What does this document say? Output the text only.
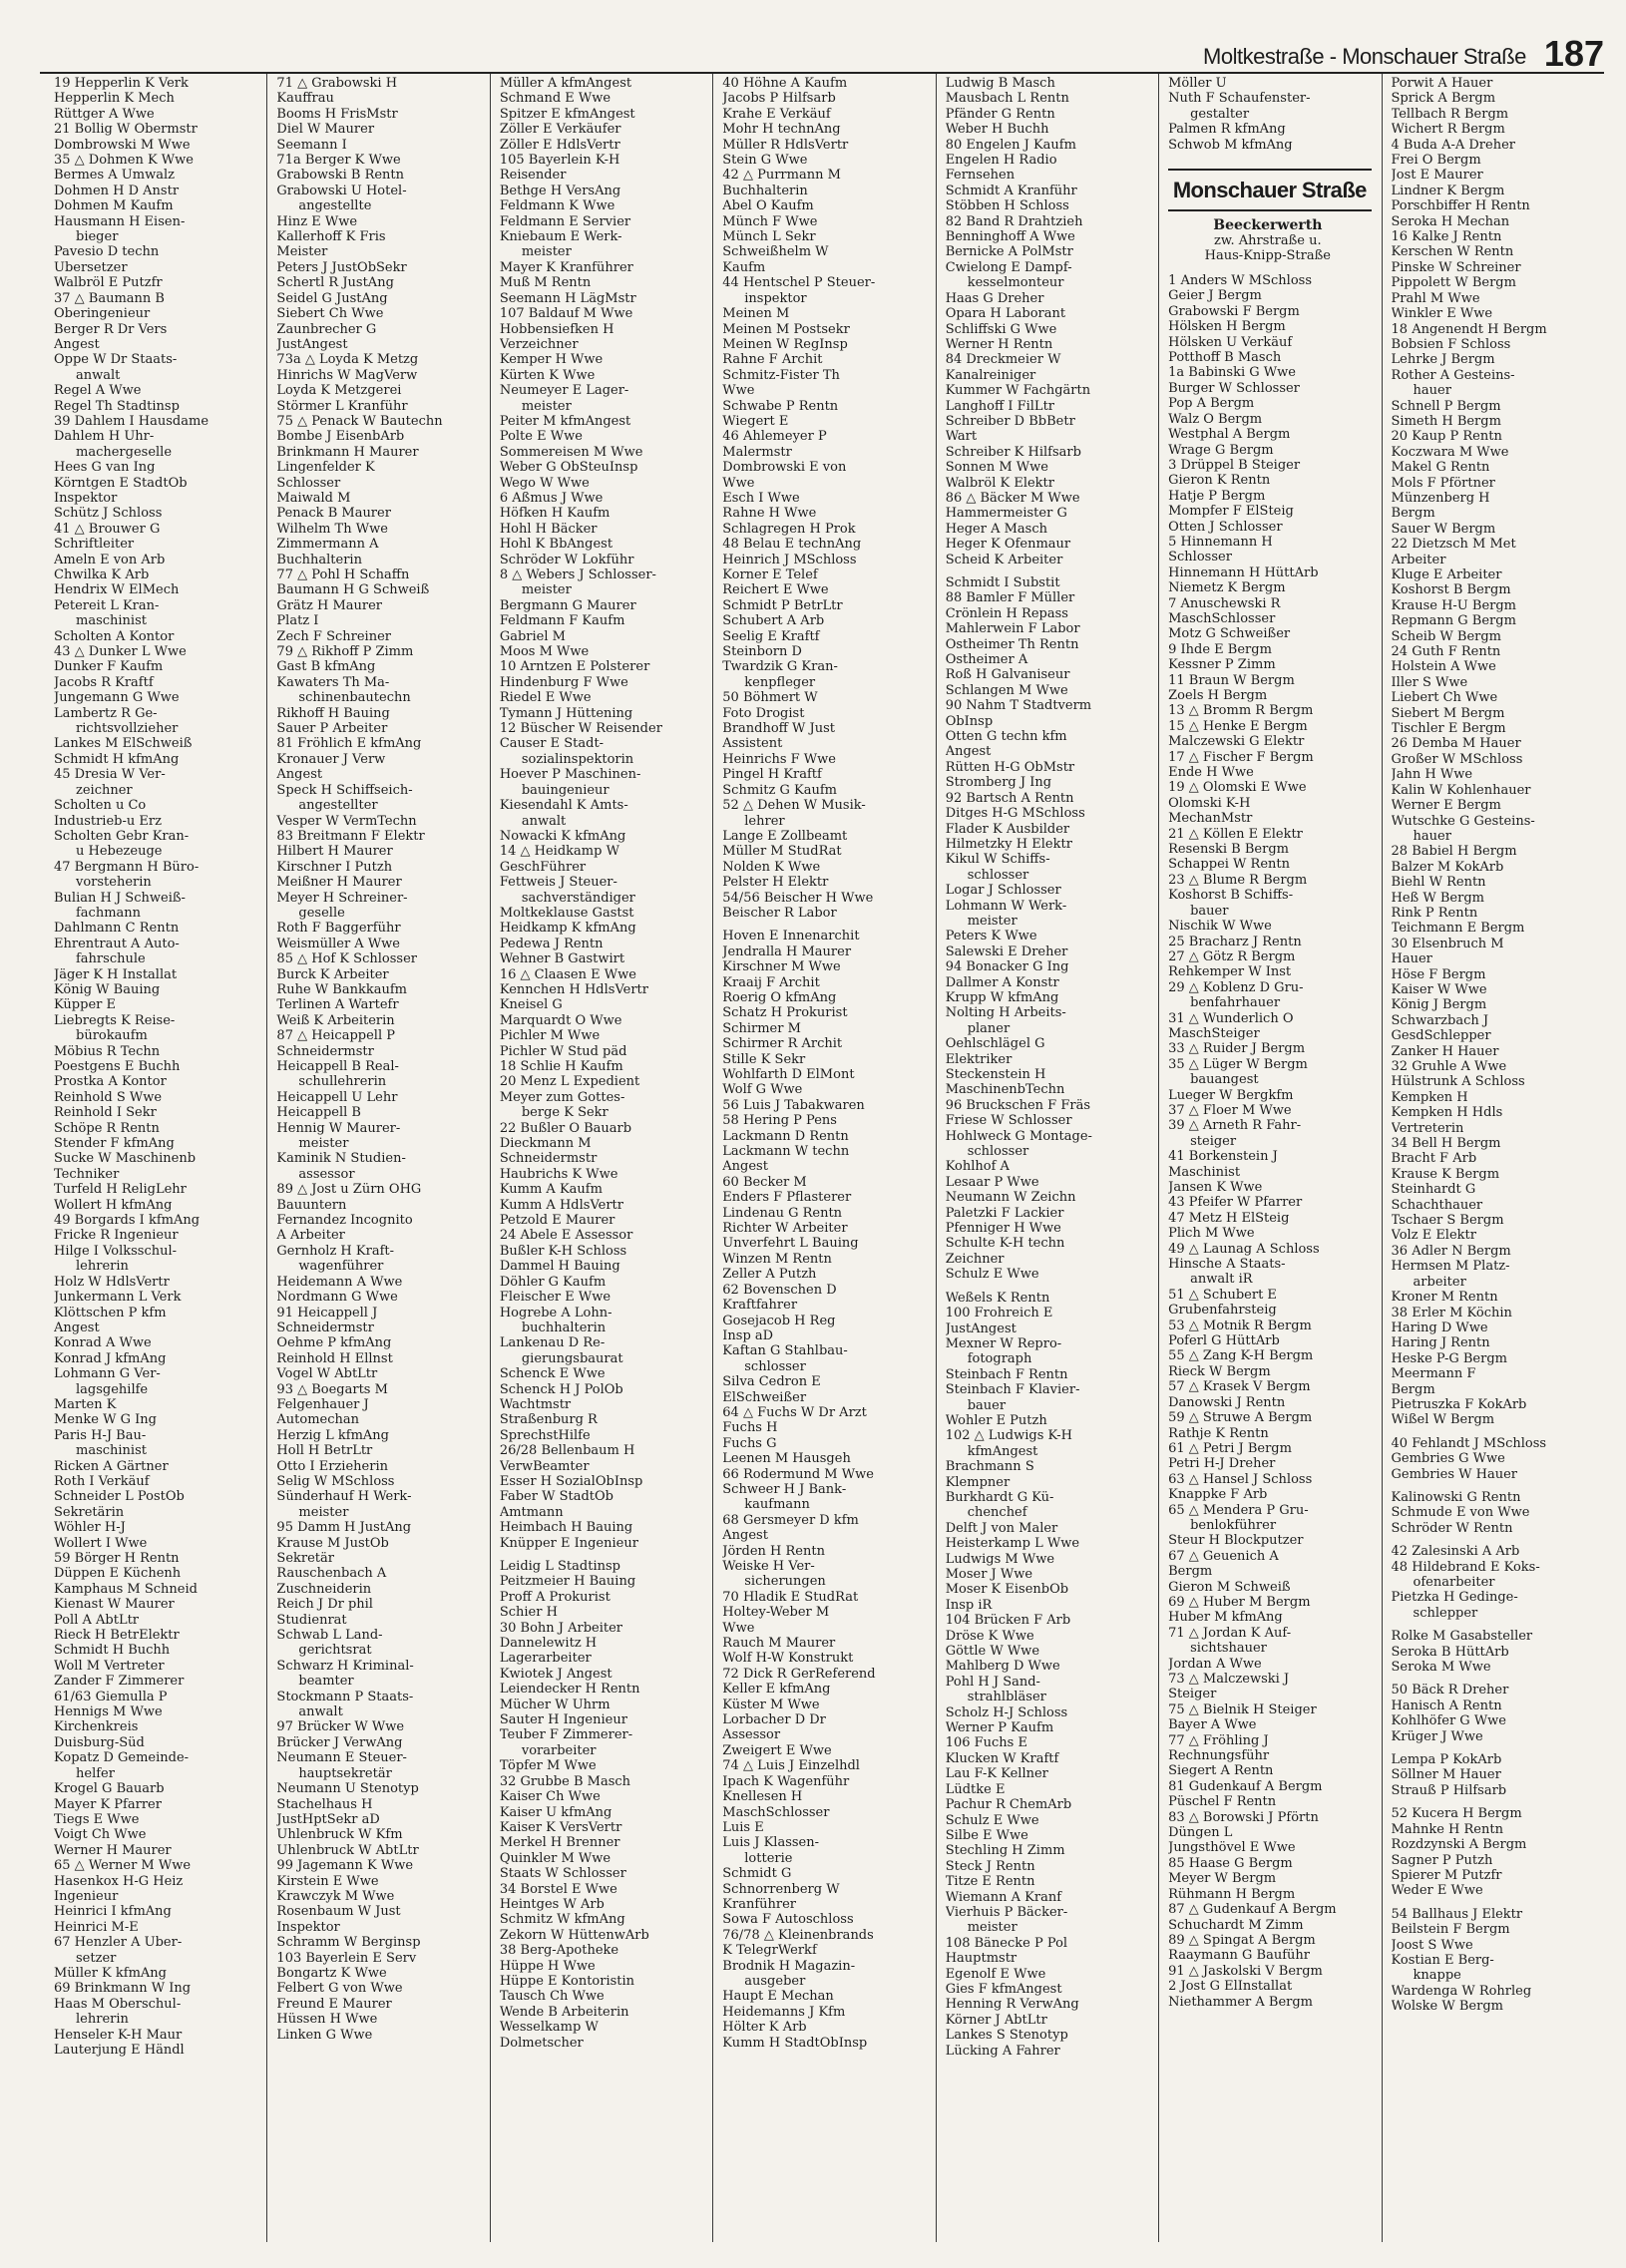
Moltkestraße - Monschauer Straße 187
19 Hepperlin K Verk
Hepperlin K Mech
Rüttger A Wwe
21 Bollig W Obermstr
Dombrowski M Wwe
35 △ Dohmen K Wwe
Bermes A Umwalz
Dohmen H D Anstr
Dohmen M Kaufm
Hausmann H Eisen-
bieger
Pavesio D techn
Übersetzer
Walbröl E Putzfr
37 △ Baumann B
Oberingenieur
Berger R Dr Vers
Angest
Oppe W Dr Staats-
anwalt
Regel A Wwe
Regel Th Stadtinsp
39 Dahlem I Hausdame
Dahlem H Uhr-
machergeselle
Hees G van Ing
Körntgen E StadtOb
Inspektor
Schütz J Schloss
41 △ Brouwer G
Schriftleiter
Ameln E von Arb
Chwilka K Arb
Hendrix W ElMech
Petereit L Kran-
maschinist
Scholten A Kontor
43 △ Dunker L Wwe
Dunker F Kaufm
Jacobs R Kraftf
Jungemann G Wwe
Lambertz R Ge-
richtsvollzieher
Lankes M ElSchweiß
Schmidt H kfmAng
45 Dresia W Ver-
zeichner
Scholten u Co
Industrieb-u Erz
Scholten Gebr Kran-
u Hebezeuge
47 Bergmann H Büro-
vorsteherin
Bulian H J Schweiß-
fachmann
Dahlmann C Rentn
Ehrentraut A Auto-
fahrschule
Jäger K H Installat
König W Bauing
Küpper E
Liebregts K Reise-
bürokaufm
Möbius R Techn
Poestgens E Buchh
Prostka A Kontor
Reinhold S Wwe
Reinhold I Sekr
Schöpe R Rentn
Stender F kfmAng
Sucke W Maschinenb
Techniker
Turfeld H ReligLehr
Wollert H kfmAng
49 Borgards I kfmAng
Fricke R Ingenieur
Hilge I Volksschul-
lehrerin
Holz W HdlsVertr
Junkermann L Verk
Klöttschen P kfm
Angest
Konrad A Wwe
Konrad J kfmAng
Lohmann G Ver-
lagsgehilfe
Marten K
Menke W G Ing
Paris H-J Bau-
maschinist
Ricken A Gärtner
Roth I Verkäuf
Schneider L PostOb
Sekretärin
Wöhler H-J
Wollert I Wwe
59 Börger H Rentn
Düppen E Küchenh
Kamphaus M Schneid
Kienast W Maurer
Poll A AbtLtr
Rieck H BetrElektr
Schmidt H Buchh
Woll M Vertreter
Zander F Zimmerer
61/63 Giemulla P
Hennigs M Wwe
Kirchenkreis
Duisburg-Süd
Kopatz D Gemeinde-
helfer
Krogel G Bauarb
Mayer K Pfarrer
Tiegs E Wwe
Voigt Ch Wwe
Werner H Maurer
65 △ Werner M Wwe
Hasenkox H-G Heiz
Ingenieur
Heinrici I kfmAng
Heinrici M-E
67 Henzler A Über-
setzer
Müller K kfmAng
69 Brinkmann W Ing
Haas M Oberschul-
lehrerin
Henseler K-H Maur
Lauterjung E Händl
71 △ Grabowski H
Kauffrau
Booms H FrisMstr
Diel W Maurer
Seemann I
71a Berger K Wwe
Grabowski B Rentn
Grabowski U Hotel-
angestellte
Hinz E Wwe
Kallerhoff K Fris
Meister
Peters J JustObSekr
Schertl R JustAng
Seidel G JustAng
Siebert Ch Wwe
Zaunbrecher G
JustAngest
73a △ Loyda K Metzg
Hinrichs W MagVerw
Loyda K Metzgerei
Störmer L Kranführ
75 △ Penack W Bautechn
Bombe J EisenbArb
Brinkmann H Maurer
Lingenfelder K
Schlosser
Maiwald M
Penack B Maurer
Wilhelm Th Wwe
Zimmermann A
Buchhalterin
77 △ Pohl H Schaffn
Baumann H G Schweiß
Grätz H Maurer
Platz I
Zech F Schreiner
79 △ Rikhoff P Zimm
Gast B kfmAng
Kawaters Th Ma-
schinenbautechn
Rikhoff H Bauing
Sauer P Arbeiter
81 Fröhlich E kfmAng
Kronauer J Verw
Angest
Speck H Schiffseich-
angestellter
Vesper W VermTechn
83 Breitmann F Elektr
Hilbert H Maurer
Kirschner I Putzh
Meißner H Maurer
Meyer H Schreiner-
geselle
Roth F Baggerführ
Weismüller A Wwe
85 △ Hof K Schlosser
Burck K Arbeiter
Ruhe W Bankkaufm
Terlinen A Wartefr
Weiß K Arbeiterin
87 △ Heicappell P
Schneidermstr
Heicappell B Real-
schullehrerin
Heicappell U Lehr
Heicappell B
Hennig W Maurer-
meister
Kaminik N Studien-
assessor
89 △ Jost u Zürn OHG
Bauuntern
Fernandez Incognito
A Arbeiter
Gernholz H Kraft-
wagenführer
Heidemann A Wwe
Nordmann G Wwe
91 Heicappell J
Schneidermstr
Oehme P kfmAng
Reinhold H Ellnst
Vogel W AbtLtr
93 △ Boegarts M
Felgenhauer J
Automechan
Herzig L kfmAng
Holl H BetrLtr
Otto I Erzieherin
Selig W MSchloss
Sünderhauf H Werk-
meister
95 Damm H JustAng
Krause M JustOb
Sekretär
Rauschenbach A
Zuschneiderin
Reich J Dr phil
Studienrat
Schwab L Land-
gerichtsrat
Schwarz H Kriminal-
beamter
Stockmann P Staats-
anwalt
97 Brücker W Wwe
Brücker J VerwAng
Neumann E Steuer-
hauptsekretär
Neumann U Stenotyp
Stachelhaus H
JustHptSekr aD
Uhlenbruck W Kfm
Uhlenbruck W AbtLtr
99 Jagemann K Wwe
Kirstein E Wwe
Krawczyk M Wwe
Rosenbaum W Just
Inspektor
Schramm W Berginsp
103 Bayerlein E Serv
Bongartz K Wwe
Felbert G von Wwe
Freund E Maurer
Hüssen H Wwe
Linken G Wwe
Müller A kfmAngest
Schmand E Wwe
Spitzer E kfmAngest
Zöller E Verkäufer
Zöller E HdlsVertr
105 Bayerlein K-H
Reisender
Bethge H VersAng
Feldmann K Wwe
Feldmann E Servier
Kniebaum E Werk-
meister
Mayer K Kranführer
Muß M Rentn
Seemann H LägMstr
107 Baldauf M Wwe
Hobbensiefken H
Verzeichner
Kemper H Wwe
Kürten K Wwe
Neumeyer E Lager-
meister
Peiter M kfmAngest
Polte E Wwe
Sommereisen M Wwe
Weber G ObSteuInsp
Wego W Wwe
6 Aßmus J Wwe
Höfken H Kaufm
Hohl H Bäcker
Hohl K BbAngest
Schröder W Lokführ
8 △ Webers J Schlosser-
meister
Bergmann G Maurer
Feldmann F Kaufm
Gabriel M
Moos M Wwe
10 Arntzen E Polsterer
Hindenburg F Wwe
Riedel E Wwe
Tymann J Hüttening
12 Büscher W Reisender
Causer E Stadt-
sozialinspektorin
Hoever P Maschinen-
bauingenieur
Kiesendahl K Amts-
anwalt
Nowacki K kfmAng
14 △ Heidkamp W
GeschFührer
Fettweis J Steuer-
sachverständiger
Moltkeklause Gastst
Heidkamp K kfmAng
Pedewa J Rentn
Wehner B Gastwirt
16 △ Claasen E Wwe
Kennchen H HdlsVertr
Kneisel G
Marquardt O Wwe
Pichler M Wwe
Pichler W Stud päd
18 Schlie H Kaufm
20 Menz L Expedient
Meyer zum Gottes-
berge K Sekr
22 Bußler O Bauarb
Dieckmann M
Schneidermstr
Haubrichs K Wwe
Kumm A Kaufm
Kumm A HdlsVertr
Petzold E Maurer
24 Abele E Assessor
Bußler K-H Schloss
Dammel H Bauing
Döhler G Kaufm
Fleischer E Wwe
Hogrebe A Lohn-
buchhalterin
Lankenau D Re-
gierungsbaurat
Schenck E Wwe
Schenck H J PolOb
Wachtmstr
Straßenburg R
SprechstHilfe
26/28 Bellenbaum H
VerwBeamter
Esser H SozialObInsp
Faber W StadtOb
Amtmann
Heimbach H Bauing
Knüpper E Ingenieur
Leidig L Stadtinsp
Peitzmeier H Bauing
Proff A Prokurist
Schier H
30 Bohn J Arbeiter
Dannelewitz H
Lagerarbeiter
Kwiotek J Angest
Leiendecker H Rentn
Mücher W Uhrm
Sauter H Ingenieur
Teuber F Zimmerer-
vorarbeiter
Töpfer M Wwe
32 Grubbe B Masch
Kaiser Ch Wwe
Kaiser U kfmAng
Kaiser K VersVertr
Merkel H Brenner
Quinkler M Wwe
Staats W Schlosser
34 Borstel E Wwe
Heintges W Arb
Schmitz W kfmAng
Zekorn W HüttenwArb
38 Berg-Apotheke
Hüppe H Wwe
Hüppe E Kontoristin
Tausch Ch Wwe
Wende B Arbeiterin
Wesselkamp W
Dolmetscher
40 Höhne A Kaufm
Jacobs P Hilfsarb
Krahe E Verkäuf
Mohr H technAng
Müller R HdlsVertr
Stein G Wwe
42 △ Purrmann M
Buchhalterin
Abel O Kaufm
Münch F Wwe
Münch L Sekr
Schweißhelm W
Kaufm
44 Hentschel P Steuer-
inspektor
Meinen M
Meinen M Postsekr
Meinen W RegInsp
Rahne F Archit
Schmitz-Fister Th
Wwe
Schwabe P Rentn
Wiegert E
46 Ahlemeyer P
Malermstr
Dombrowski E von
Wwe
Esch I Wwe
Rahne H Wwe
Schlagregen H Prok
48 Belau E technAng
Heinrich J MSchloss
Korner E Telef
Reichert E Wwe
Schmidt P BetrLtr
Schubert A Arb
Seelig E Kraftf
Steinborn D
Twardzik G Kran-
kenpfleger
50 Böhmert W
Foto Drogist
Brandhoff W Just
Assistent
Heinrichs F Wwe
Pingel H Kraftf
Schmitz G Kaufm
52 △ Dehen W Musik-
lehrer
Lange E Zollbeamt
Müller M StudRat
Nolden K Wwe
Pelster H Elektr
54/56 Beischer H Wwe
Beischer R Labor
Hoven E Innenarchit
Jendralla H Maurer
Kirschner M Wwe
Kraaij F Archit
Roerig O kfmAng
Schatz H Prokurist
Schirmer M
Schirmer R Archit
Stille K Sekr
Wohlfarth D ElMont
Wolf G Wwe
56 Luis J Tabakwaren
58 Hering P Pens
Lackmann D Rentn
Lackmann W techn
Angest
60 Becker M
Enders F Pflasterer
Lindenau G Rentn
Richter W Arbeiter
Unverfehrt L Bauing
Winzen M Rentn
Zeller A Putzh
62 Bovenschen D
Kraftfahrer
Gosejacob H Reg
Insp aD
Kaftan G Stahlbau-
schlosser
Silva Cedron E
ElSchweißer
64 △ Fuchs W Dr Arzt
Fuchs H
Fuchs G
Leenen M Hausgeh
66 Rodermund M Wwe
Schweer H J Bank-
kaufmann
68 Gersmeyer D kfm
Angest
Jörden H Rentn
Weiske H Ver-
sicherungen
70 Hladik E StudRat
Holtey-Weber M
Wwe
Rauch M Maurer
Wolf H-W Konstrukt
72 Dick R GerReferend
Keller E kfmAng
Küster M Wwe
Lorbacher D Dr
Assessor
Zweigert E Wwe
74 △ Luis J Einzelhdl
Ipach K Wagenführ
Knellesen H
MaschSchlosser
Luis E
Luis J Klassen-
lotterie
Schmidt G
Schnorrenberg W
Kranführer
Sowa F Autoschloss
76/78 △ Kleinenbrands
K TelegrWerkf
Brodnik H Magazin-
ausgeber
Haupt E Mechan
Heidemanns J Kfm
Hölter K Arb
Kumm H StadtObInsp
Ludwig B Masch
Mausbach L Rentn
Pfänder G Rentn
Weber H Buchh
80 Engelen J Kaufm
Engelen H Radio
Fernsehen
Schmidt A Kranführ
Stöbben H Schloss
82 Band R Drahtzieh
Benninghoff A Wwe
Bernicke A PolMstr
Cwielong E Dampf-
kesselmonteur
Haas G Dreher
Opara H Laborant
Schliffski G Wwe
Werner H Rentn
84 Dreckmeier W
Kanalreiniger
Kummer W Fachgärtn
Langhoff I FilLtr
Schreiber D BbBetr
Wart
Schreiber K Hilfsarb
Sonnen M Wwe
Walbröl K Elektr
86 △ Bäcker M Wwe
Hammermeister G
Heger A Masch
Heger K Ofenmaur
Scheid K Arbeiter
Schmidt I Substit
88 Bamler F Müller
Crönlein H Repass
Mahlerwein F Labor
Ostheimer Th Rentn
Ostheimer A
Roß H Galvaniseur
Schlangen M Wwe
90 Nahm T Stadtverm
ObInsp
Otten G techn kfm
Angest
Rütten H-G ObMstr
Stromberg J Ing
92 Bartsch A Rentn
Ditges H-G MSchloss
Flader K Ausbilder
Hilmetzky H Elektr
Kikul W Schiffs-
schlosser
Logar J Schlosser
Lohmann W Werk-
meister
Peters K Wwe
Salewski E Dreher
94 Bonacker G Ing
Dallmer A Konstr
Krupp W kfmAng
Nolting H Arbeits-
planer
Oehlschlägel G
Elektriker
Steckenstein H
MaschinenbTechn
96 Bruckschen F Fräs
Friese W Schlosser
Hohlweck G Montage-
schlosser
Kohlhof A
Lesaar P Wwe
Neumann W Zeichn
Paletzki F Lackier
Pfenniger H Wwe
Schulte K-H techn
Zeichner
Schulz E Wwe
Weßels K Rentn
100 Frohreich E
JustAngest
Mexner W Repro-
fotograph
Steinbach F Rentn
Steinbach F Klavier-
bauer
Wohler E Putzh
102 △ Ludwigs K-H
kfmAngest
Brachmann S
Klempner
Burkhardt G Kü-
chenchef
Delft J von Maler
Heisterkamp L Wwe
Ludwigs M Wwe
Moser J Wwe
Moser K EisenbOb
Insp iR
104 Brücken F Arb
Dröse K Wwe
Göttle W Wwe
Mahlberg D Wwe
Pohl H J Sand-
strahlbläser
Scholz H-J Schloss
Werner P Kaufm
106 Fuchs E
Klucken W Kraftf
Lau F-K Kellner
Lüdtke E
Pachur R ChemArb
Schulz E Wwe
Silbe E Wwe
Stechling H Zimm
Steck J Rentn
Titze E Rentn
Wiemann A Kranf
Vierhuis P Bäcker-
meister
108 Bänecke P Pol
Hauptmstr
Egenolf E Wwe
Gies F kfmAngest
Henning R VerwAng
Körner J AbtLtr
Lankes S Stenotyp
Lücking A Fahrer
Möller U
Nuth F Schaufenster-
gestalter
Palmen R kfmAng
Schwob M kfmAng
Monschauer Straße
Beeckerwerth
zw. Ahrstraße u.
Haus-Knipp-Straße
1 Anders W MSchloss
Geier J Bergm
Grabowski F Bergm
Hölsken H Bergm
Hölsken U Verkäuf
Potthoff B Masch
1a Babinski G Wwe
Burger W Schlosser
Pop A Bergm
Walz O Bergm
Westphal A Bergm
Wrage G Bergm
3 Drüppel B Steiger
Gieron K Rentn
Hatje P Bergm
Mompfer F ElSteig
Otten J Schlosser
5 Hinnemann H
Schlosser
Hinnemann H HüttArb
Niemetz K Bergm
7 Anuschewski R
MaschSchlosser
Motz G Schweißer
9 Ihde E Bergm
Kessner P Zimm
11 Braun W Bergm
Zoels H Bergm
13 △ Bromm R Bergm
15 △ Henke E Bergm
Malczewski G Elektr
17 △ Fischer F Bergm
Ende H Wwe
19 △ Olomski E Wwe
Olomski K-H
MechanMstr
21 △ Köllen E Elektr
Resenski B Bergm
Schappei W Rentn
23 △ Blume R Bergm
Koshorst B Schiffs-
bauer
Nischik W Wwe
25 Bracharz J Rentn
27 △ Götz R Bergm
Rehkemper W Inst
29 △ Koblenz D Gru-
benfahrhauer
31 △ Wunderlich O
MaschSteiger
33 △ Ruider J Bergm
35 △ Lüger W Bergm
bauangest
Lueger W Bergkfm
37 △ Floer M Wwe
39 △ Arneth R Fahr-
steiger
41 Borkenstein J
Maschinist
Jansen K Wwe
43 Pfeifer W Pfarrer
47 Metz H ElSteig
Plich M Wwe
49 △ Launag A Schloss
Hinsche A Staats-
anwalt iR
51 △ Schubert E
Grubenfahrsteig
53 △ Motnik R Bergm
Poferl G HüttArb
55 △ Zang K-H Bergm
Rieck W Bergm
57 △ Krasek V Bergm
Danowski J Rentn
59 △ Struwe A Bergm
Rathje K Rentn
61 △ Petri J Bergm
Petri H-J Dreher
63 △ Hansel J Schloss
Knappke F Arb
65 △ Mendera P Gru-
benlokführer
Steur H Blockputzer
67 △ Geuenich A
Bergm
Gieron M Schweiß
69 △ Huber M Bergm
Huber M kfmAng
71 △ Jordan K Auf-
sichtshauer
Jordan A Wwe
73 △ Malczewski J
Steiger
75 △ Bielnik H Steiger
Bayer A Wwe
77 △ Fröhling J
Rechnungsführ
Siegert A Rentn
81 Gudenkauf A Bergm
Püschel F Rentn
83 △ Borowski J Pförtn
Düngen L
Jungsthövel E Wwe
85 Haase G Bergm
Meyer W Bergm
Rühmann H Bergm
87 △ Gudenkauf A Bergm
Schuchardt M Zimm
89 △ Spingat A Bergm
Raaymann G Bauführ
91 △ Jaskolski V Bergm
2 Jost G ElInstallat
Niethammer A Bergm
Porwit A Hauer
Sprick A Bergm
Tellbach R Bergm
Wichert R Bergm
4 Buda A-A Dreher
Frei O Bergm
Jost E Maurer
Lindner K Bergm
Porschbiffer H Rentn
Seroka H Mechan
16 Kalke J Rentn
Kerschen W Rentn
Pinske W Schreiner
Pippolett W Bergm
Prahl M Wwe
Winkler E Wwe
18 Angenendt H Bergm
Bobsien F Schloss
Lehrke J Bergm
Rother A Gesteins-
hauer
Schnell P Bergm
Simeth H Bergm
20 Kaup P Rentn
Koczwara M Wwe
Makel G Rentn
Mols F Pförtner
Münzenberg H
Bergm
Sauer W Bergm
22 Dietzsch M Met
Arbeiter
Kluge E Arbeiter
Koshorst B Bergm
Krause H-U Bergm
Repmann G Bergm
Scheib W Bergm
24 Guth F Rentn
Holstein A Wwe
Iller S Wwe
Liebert Ch Wwe
Siebert M Bergm
Tischler E Bergm
26 Demba M Hauer
Großer W MSchloss
Jahn H Wwe
Kalin W Kohlenhauer
Werner E Bergm
Wutschke G Gesteins-
hauer
28 Babiel H Bergm
Balzer M KokArb
Biehl W Rentn
Heß W Bergm
Rink P Rentn
Teichmann E Bergm
30 Elsenbruch M
Hauer
Höse F Bergm
Kaiser W Wwe
König J Bergm
Schwarzbach J
GesdSchlepper
Zanker H Hauer
32 Gruhle A Wwe
Hülstrunk A Schloss
Kempken H
Kempken H Hdls
Vertreterin
34 Bell H Bergm
Bracht F Arb
Krause K Bergm
Steinhardt G
Schachthauer
Tschaer S Bergm
Volz E Elektr
36 Adler N Bergm
Hermsen M Platz-
arbeiter
Kroner M Rentn
38 Erler M Köchin
Haring D Wwe
Haring J Rentn
Heske P-G Bergm
Meermann F
Bergm
Pietruszka F KokArb
Wißel W Bergm
40 Fehlandt J MSchloss
Gembries G Wwe
Gembries W Hauer
Kalinowski G Rentn
Schmude E von Wwe
Schröder W Rentn
42 Zalesinski A Arb
48 Hildebrand E Koks-
ofenarbeiter
Pietzka H Gedinge-
schlepper
Rolke M Gasabsteller
Seroka B HüttArb
Seroka M Wwe
50 Bäck R Dreher
Hanisch A Rentn
Kohlhöfer G Wwe
Krüger J Wwe
Lempa P KokArb
Söllner M Hauer
Strauß P Hilfsarb
52 Kucera H Bergm
Mahnke H Rentn
Rozdzynski A Bergm
Sagner P Putzh
Spierer M Putzfr
Weder E Wwe
54 Ballhaus J Elektr
Beilstein F Bergm
Joost S Wwe
Kostian E Berg-
knappe
Wardenga W Rohrleg
Wolske W Bergm
